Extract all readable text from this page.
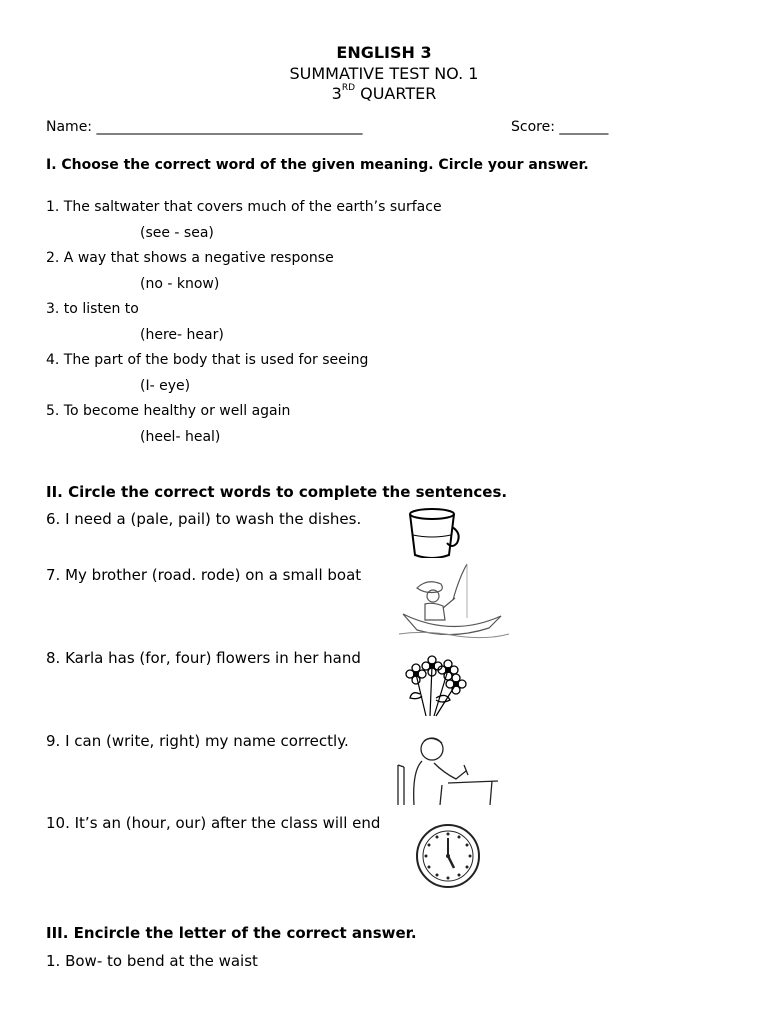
ENGLISH 3
SUMMATIVE TEST NO. 1
3RD QUARTER
Name: ______________________________________	Score: _______
I. Choose the correct word of the given meaning. Circle your answer.
1. The saltwater that covers much of the earth’s surface
(see - sea)
2. A way that shows a negative response
(no - know)
3. to listen to
(here- hear)
4. The part of the body that is used for seeing
(I- eye)
5. To become healthy or well again
(heel- heal)
II. Circle the correct words to complete the sentences.
6. I need a (pale, pail) to wash the dishes.
7. My brother (road. rode) on a small boat
8. Karla has (for, four) flowers in her hand
9. I can (write, right) my name correctly.
10. It’s an (hour, our) after the class will end
III. Encircle the letter of the correct answer.
1. Bow- to bend at the waist
